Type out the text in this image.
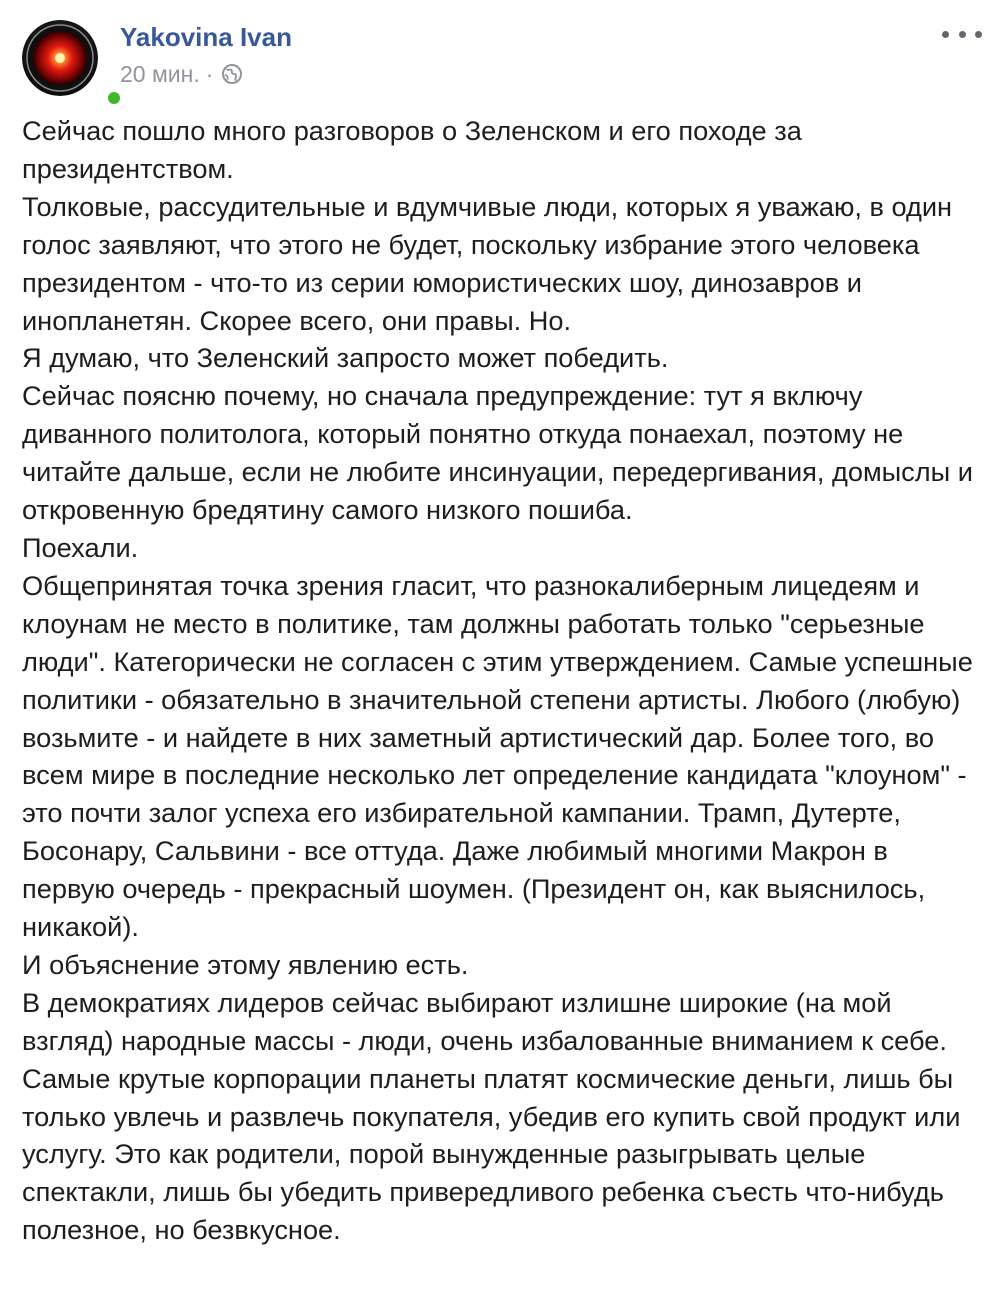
Yakovina Ivan
20 мин. ·

Сейчас пошло много разговоров о Зеленском и его походе за президентством.

Толковые, рассудительные и вдумчивые люди, которых я уважаю, в один голос заявляют, что этого не будет, поскольку избрание этого человека президентом - что-то из серии юмористических шоу, динозавров и инопланетян. Скорее всего, они правы. Но.

Я думаю, что Зеленский запросто может победить.

Сейчас поясню почему, но сначала предупреждение: тут я включу диванного политолога, который понятно откуда понаехал, поэтому не читайте дальше, если не любите инсинуации, передергивания, домыслы и откровенную бредятину самого низкого пошиба.

Поехали.

Общепринятая точка зрения гласит, что разнокалиберным лицедеям и клоунам не место в политике, там должны работать только "серьезные люди". Категорически не согласен с этим утверждением. Самые успешные политики - обязательно в значительной степени артисты. Любого (любую) возьмите - и найдете в них заметный артистический дар. Более того, во всем мире в последние несколько лет определение кандидата "клоуном" - это почти залог успеха его избирательной кампании. Трамп, Дутерте, Босонару, Сальвини - все оттуда. Даже любимый многими Макрон в первую очередь - прекрасный шоумен. (Президент он, как выяснилось, никакой).

И объяснение этому явлению есть.

В демократиях лидеров сейчас выбирают излишне широкие (на мой взгляд) народные массы - люди, очень избалованные вниманием к себе. Самые крутые корпорации планеты платят космические деньги, лишь бы только увлечь и развлечь покупателя, убедив его купить свой продукт или услугу. Это как родители, порой вынужденные разыгрывать целые спектакли, лишь бы убедить привередливого ребенка съесть что-нибудь полезное, но безвкусное.
